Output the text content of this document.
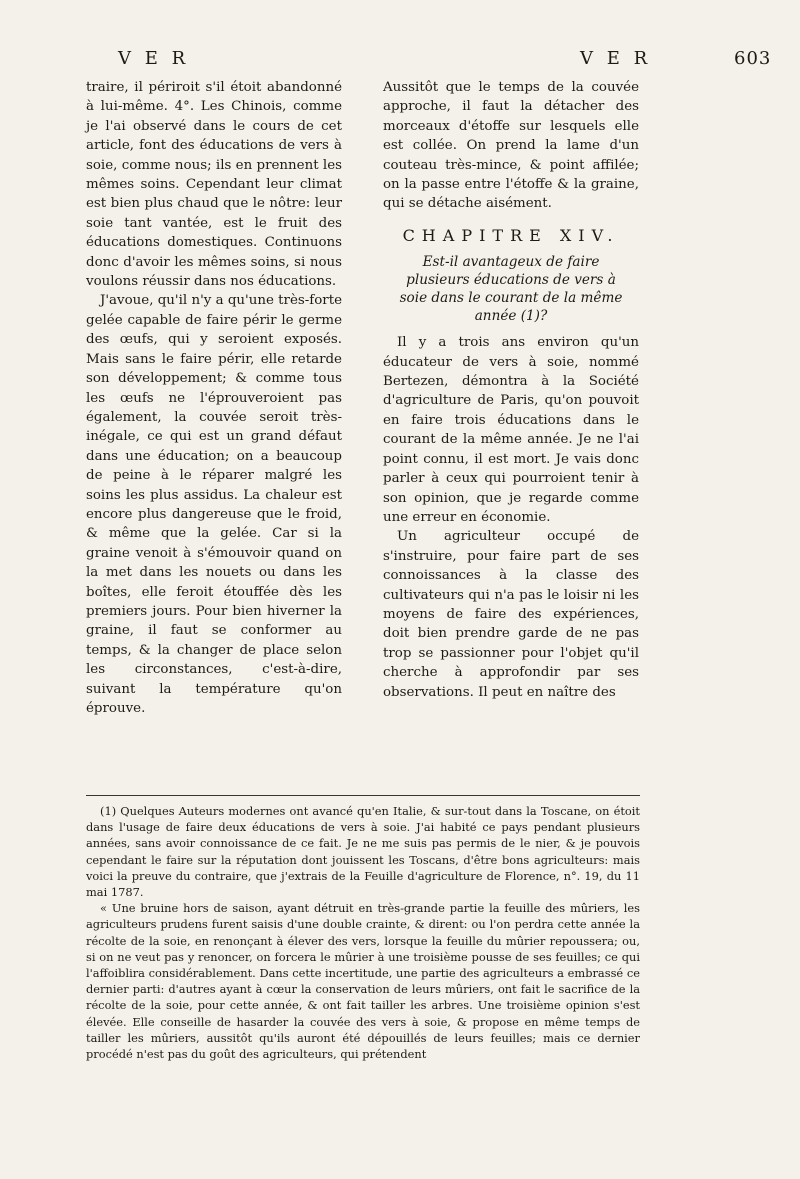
V E R	V E R	603

traire, il périroit s'il étoit abandonné à lui-même. 4°. Les Chinois, comme je l'ai observé dans le cours de cet article, font des éducations de vers à soie, comme nous; ils en prennent les mêmes soins. Cependant leur climat est bien plus chaud que le nôtre: leur soie tant vantée, est le fruit des éducations domestiques. Continuons donc d'avoir les mêmes soins, si nous voulons réussir dans nos éducations.

J'avoue, qu'il n'y a qu'une très-forte gelée capable de faire périr le germe des œufs, qui y seroient exposés. Mais sans le faire périr, elle retarde son développement; & comme tous les œufs ne l'éprouveroient pas également, la couvée seroit très-inégale, ce qui est un grand défaut dans une éducation; on a beaucoup de peine à le réparer malgré les soins les plus assidus. La chaleur est encore plus dangereuse que le froid, & même que la gelée. Car si la graine venoit à s'émouvoir quand on la met dans les nouets ou dans les boîtes, elle feroit étouffée dès les premiers jours. Pour bien hiverner la graine, il faut se conformer au temps, & la changer de place selon les circonstances, c'est-à-dire, suivant la température qu'on éprouve.

Aussitôt que le temps de la couvée approche, il faut la détacher des morceaux d'étoffe sur lesquels elle est collée. On prend la lame d'un couteau très-mince, & point affilée; on la passe entre l'étoffe & la graine, qui se détache aisément.

CHAPITRE XIV.
Est-il avantageux de faire plusieurs éducations de vers à soie dans le courant de la même année (1)?

Il y a trois ans environ qu'un éducateur de vers à soie, nommé Bertezen, démontra à la Société d'agriculture de Paris, qu'on pouvoit en faire trois éducations dans le courant de la même année. Je ne l'ai point connu, il est mort. Je vais donc parler à ceux qui pourroient tenir à son opinion, que je regarde comme une erreur en économie.

Un agriculteur occupé de s'instruire, pour faire part de ses connoissances à la classe des cultivateurs qui n'a pas le loisir ni les moyens de faire des expériences, doit bien prendre garde de ne pas trop se passionner pour l'objet qu'il cherche à approfondir par ses observations. Il peut en naître des

(1) Quelques Auteurs modernes ont avancé qu'en Italie, & sur-tout dans la Toscane, on étoit dans l'usage de faire deux éducations de vers à soie. J'ai habité ce pays pendant plusieurs années, sans avoir connoissance de ce fait. Je ne me suis pas permis de le nier, & je pouvois cependant le faire sur la réputation dont jouissent les Toscans, d'être bons agriculteurs: mais voici la preuve du contraire, que j'extrais de la Feuille d'agriculture de Florence, n°. 19, du 11 mai 1787.

« Une bruine hors de saison, ayant détruit en très-grande partie la feuille des mûriers, les agriculteurs prudens furent saisis d'une double crainte, & dirent: ou l'on perdra cette année la récolte de la soie, en renonçant à élever des vers, lorsque la feuille du mûrier repoussera; ou, si on ne veut pas y renoncer, on forcera le mûrier à une troisième pousse de ses feuilles; ce qui l'affoiblira considérablement. Dans cette incertitude, une partie des agriculteurs a embrassé ce dernier parti: d'autres ayant à cœur la conservation de leurs mûriers, ont fait le sacrifice de la récolte de la soie, pour cette année, & ont fait tailler les arbres. Une troisième opinion s'est élevée. Elle conseille de hasarder la couvée des vers à soie, & propose en même temps de tailler les mûriers, aussitôt qu'ils auront été dépouillés de leurs feuilles; mais ce dernier procédé n'est pas du goût des agriculteurs, qui prétendent
